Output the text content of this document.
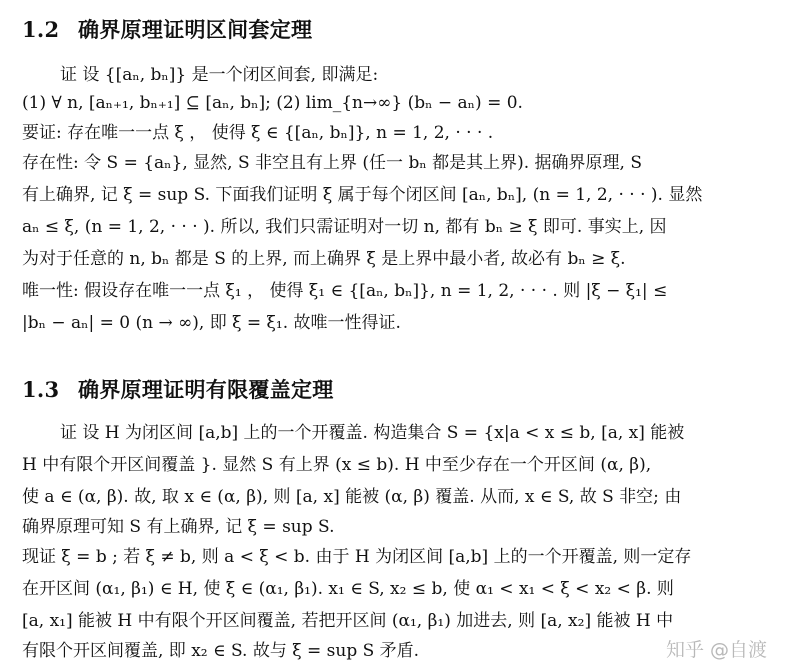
1.2 确界原理证明区间套定理
证 设 {[aₙ, bₙ]} 是一个闭区间套, 即满足:
(1) ∀ n, [aₙ₊₁, bₙ₊₁] ⊆ [aₙ, bₙ]; (2) lim_{n→∞} (bₙ − aₙ) = 0.
要证: 存在唯一一点 ξ ， 使得 ξ ∈ {[aₙ, bₙ]}, n = 1, 2, · · · .
存在性: 令 S = {aₙ}, 显然, S 非空且有上界 (任一 bₙ 都是其上界). 据确界原理, S
有上确界, 记 ξ = sup S. 下面我们证明 ξ 属于每个闭区间 [aₙ, bₙ], (n = 1, 2, · · · ). 显然
aₙ ≤ ξ, (n = 1, 2, · · · ). 所以, 我们只需证明对一切 n, 都有 bₙ ≥ ξ 即可. 事实上, 因
为对于任意的 n, bₙ 都是 S 的上界, 而上确界 ξ 是上界中最小者, 故必有 bₙ ≥ ξ.
唯一性: 假设存在唯一一点 ξ₁ ， 使得 ξ₁ ∈ {[aₙ, bₙ]}, n = 1, 2, · · · . 则 |ξ − ξ₁| ≤
|bₙ − aₙ| = 0 (n → ∞), 即 ξ = ξ₁. 故唯一性得证.
1.3 确界原理证明有限覆盖定理
证 设 H 为闭区间 [a,b] 上的一个开覆盖. 构造集合 S = {x|a < x ≤ b, [a, x] 能被
H 中有限个开区间覆盖 }. 显然 S 有上界 (x ≤ b). H 中至少存在一个开区间 (α, β),
使 a ∈ (α, β). 故, 取 x ∈ (α, β), 则 [a, x] 能被 (α, β) 覆盖. 从而, x ∈ S, 故 S 非空; 由
确界原理可知 S 有上确界, 记 ξ = sup S.
现证 ξ = b ; 若 ξ ≠ b, 则 a < ξ < b. 由于 H 为闭区间 [a,b] 上的一个开覆盖, 则一定存
在开区间 (α₁, β₁) ∈ H, 使 ξ ∈ (α₁, β₁). x₁ ∈ S, x₂ ≤ b, 使 α₁ < x₁ < ξ < x₂ < β. 则
[a, x₁] 能被 H 中有限个开区间覆盖, 若把开区间 (α₁, β₁) 加进去, 则 [a, x₂] 能被 H 中
有限个开区间覆盖, 即 x₂ ∈ S. 故与 ξ = sup S 矛盾.	知乎 @自渡
